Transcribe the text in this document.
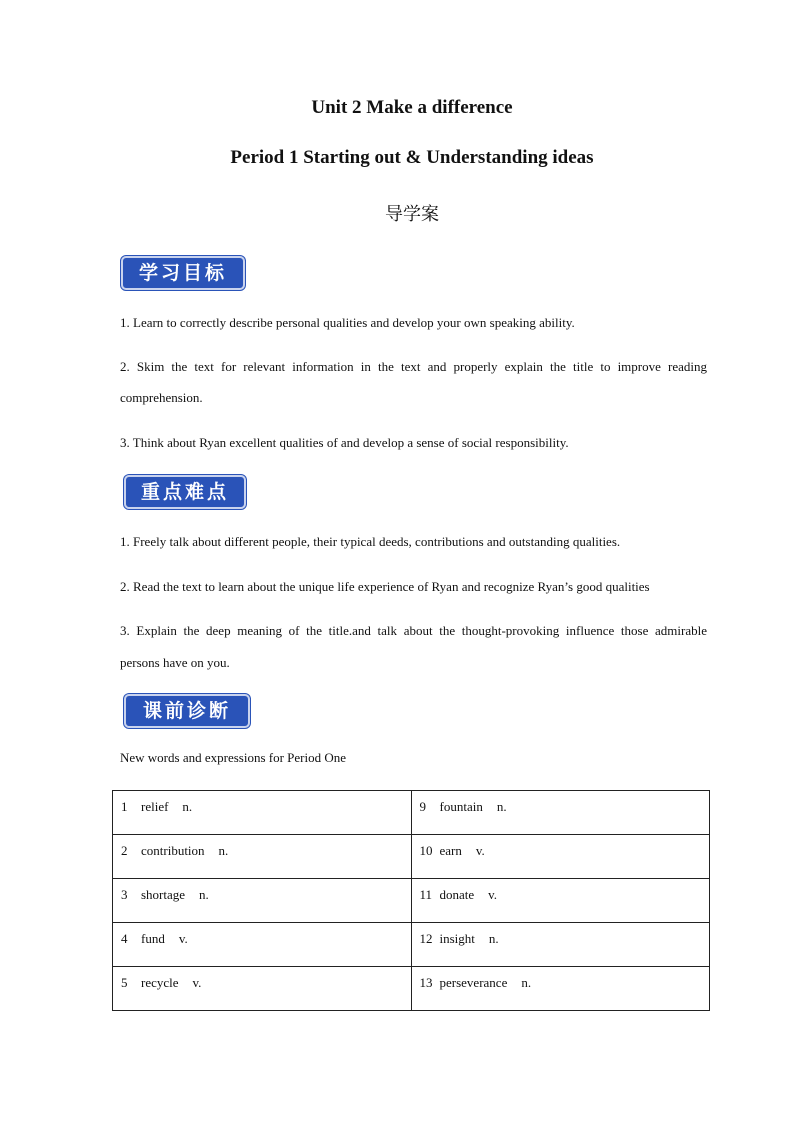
Unit 2 Make a difference
Period 1 Starting out & Understanding ideas
导学案
学习目标
1. Learn to correctly describe personal qualities and develop your own speaking ability.
2. Skim the text for relevant information in the text and properly explain the title to improve reading
comprehension.
3. Think about Ryan excellent qualities of and develop a sense of social responsibility.
重点难点
1. Freely talk about different people, their typical deeds, contributions and outstanding qualities.
2. Read the text to learn about the unique life experience of Ryan and recognize Ryan’s good qualities
3. Explain the deep meaning of the title.and talk about the thought-provoking influence those admirable
persons have on you.
课前诊断
New words and expressions for Period One
1 relief n.	9 fountain n.
2 contribution n.	10 earn v.
3 shortage n.	11 donate v.
4 fund v.	12 insight n.
5 recycle v.	13 perseverance n.
